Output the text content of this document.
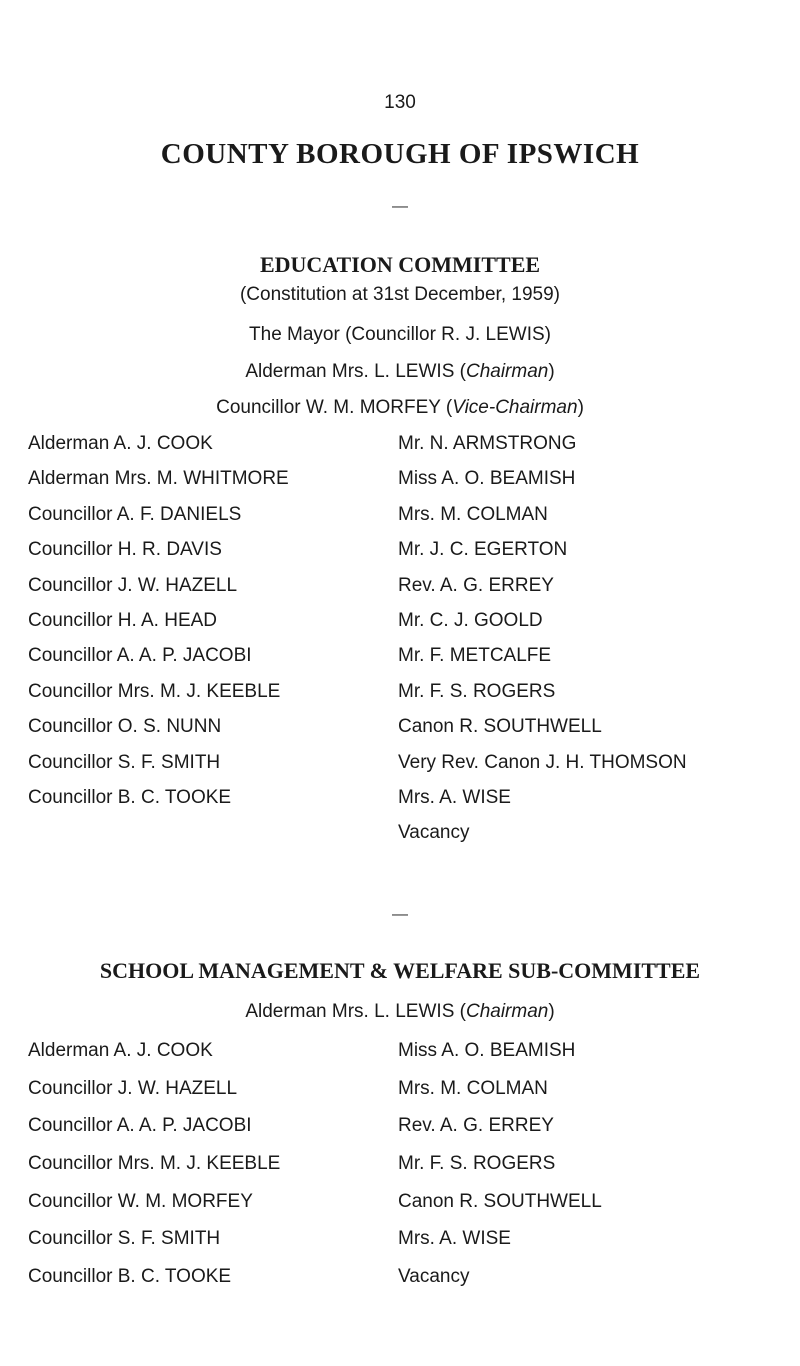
130
COUNTY BOROUGH OF IPSWICH
—
EDUCATION COMMITTEE
(Constitution at 31st December, 1959)
The Mayor (Councillor R. J. LEWIS)
Alderman Mrs. L. LEWIS (Chairman)
Councillor W. M. MORFEY (Vice-Chairman)
Alderman A. J. COOK
Alderman Mrs. M. WHITMORE
Councillor A. F. DANIELS
Councillor H. R. DAVIS
Councillor J. W. HAZELL
Councillor H. A. HEAD
Councillor A. A. P. JACOBI
Councillor Mrs. M. J. KEEBLE
Councillor O. S. NUNN
Councillor S. F. SMITH
Councillor B. C. TOOKE
Mr. N. ARMSTRONG
Miss A. O. BEAMISH
Mrs. M. COLMAN
Mr. J. C. EGERTON
Rev. A. G. ERREY
Mr. C. J. GOOLD
Mr. F. METCALFE
Mr. F. S. ROGERS
Canon R. SOUTHWELL
Very Rev. Canon J. H. THOMSON
Mrs. A. WISE
Vacancy
—
SCHOOL MANAGEMENT & WELFARE SUB-COMMITTEE
Alderman Mrs. L. LEWIS (Chairman)
Alderman A. J. COOK
Councillor J. W. HAZELL
Councillor A. A. P. JACOBI
Councillor Mrs. M. J. KEEBLE
Councillor W. M. MORFEY
Councillor S. F. SMITH
Councillor B. C. TOOKE
Miss A. O. BEAMISH
Mrs. M. COLMAN
Rev. A. G. ERREY
Mr. F. S. ROGERS
Canon R. SOUTHWELL
Mrs. A. WISE
Vacancy
